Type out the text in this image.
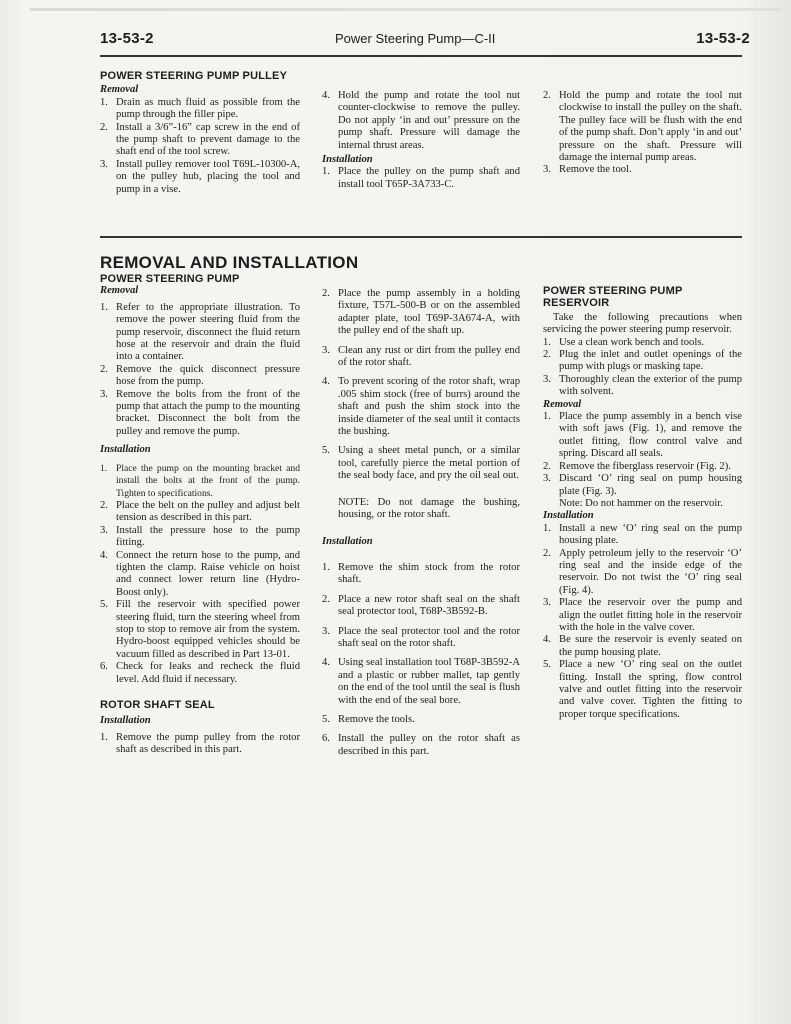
13-53-2	Power Steering Pump—C-II	13-53-2
POWER STEERING PUMP PULLEY
Removal
1. Drain as much fluid as possible from the pump through the filler pipe.
2. Install a 3/6”-16” cap screw in the end of the pump shaft to prevent damage to the shaft end of the tool screw.
3. Install pulley remover tool T69L-10300-A, on the pulley hub, placing the tool and pump in a vise.
4. Hold the pump and rotate the tool nut counter-clockwise to remove the pulley. Do not apply ‘in and out’ pressure on the pump shaft. Pressure will damage the internal thrust areas.
Installation
1. Place the pulley on the pump shaft and install tool T65P-3A733-C.
2. Hold the pump and rotate the tool nut clockwise to install the pulley on the shaft. The pulley face will be flush with the end of the pump shaft. Don’t apply ‘in and out’ pressure on the shaft. Pressure will damage the internal pump areas.
3. Remove the tool.
REMOVAL AND INSTALLATION
POWER STEERING PUMP
Removal
1. Refer to the appropriate illustration. To remove the power steering fluid from the pump reservoir, disconnect the fluid return hose at the reservoir and drain the fluid into a container.
2. Remove the quick disconnect pressure hose from the pump.
3. Remove the bolts from the front of the pump that attach the pump to the mounting bracket. Disconnect the bolt from the pulley and remove the pump.
Installation
1. Place the pump on the mounting bracket and install the bolts at the front of the pump. Tighten to specifications.
2. Place the belt on the pulley and adjust belt tension as described in this part.
3. Install the pressure hose to the pump fitting.
4. Connect the return hose to the pump, and tighten the clamp. Raise vehicle on hoist and connect lower return line (Hydro-Boost only).
5. Fill the reservoir with specified power steering fluid, turn the steering wheel from stop to stop to remove air from the system. Hydro-boost equipped vehicles should be vacuum filled as described in Part 13-01.
6. Check for leaks and recheck the fluid level. Add fluid if necessary.
ROTOR SHAFT SEAL
Installation
1. Remove the pump pulley from the rotor shaft as described in this part.
2. Place the pump assembly in a holding fixture, T57L-500-B or on the assembled adapter plate, tool T69P-3A674-A, with the pulley end of the shaft up.
3. Clean any rust or dirt from the pulley end of the rotor shaft.
4. To prevent scoring of the rotor shaft, wrap .005 shim stock (free of burrs) around the shaft and push the shim stock into the inside diameter of the seal until it contacts the bushing.
5. Using a sheet metal punch, or a similar tool, carefully pierce the metal portion of the seal body face, and pry the oil seal out.

NOTE: Do not damage the bushing, housing, or the rotor shaft.

Installation
1. Remove the shim stock from the rotor shaft.
2. Place a new rotor shaft seal on the shaft seal protector tool, T68P-3B592-B.
3. Place the seal protector tool and the rotor shaft seal on the rotor shaft.
4. Using seal installation tool T68P-3B592-A and a plastic or rubber mallet, tap gently on the end of the tool until the seal is flush with the end of the seal bore.
5. Remove the tools.
6. Install the pulley on the rotor shaft as described in this part.
POWER STEERING PUMP
RESERVOIR

Take the following precautions when servicing the power steering pump reservoir.

1. Use a clean work bench and tools.
2. Plug the inlet and outlet openings of the pump with plugs or masking tape.
3. Thoroughly clean the exterior of the pump with solvent.
Removal
1. Place the pump assembly in a bench vise with soft jaws (Fig. 1), and remove the outlet fitting, flow control valve and spring. Discard all seals.
2. Remove the fiberglass reservoir (Fig. 2).
3. Discard ‘O’ ring seal on pump housing plate (Fig. 3).

Note: Do not hammer on the reservoir.

Installation
1. Install a new ‘O’ ring seal on the pump housing plate.
2. Apply petroleum jelly to the reservoir ‘O’ ring seal and the inside edge of the reservoir. Do not twist the ‘O’ ring seal (Fig. 4).
3. Place the reservoir over the pump and align the outlet fitting hole in the reservoir with the hole in the valve cover.
4. Be sure the reservoir is evenly seated on the pump housing plate.
5. Place a new ‘O’ ring seal on the outlet fitting. Install the spring, flow control valve and outlet fitting into the reservoir and valve cover. Tighten the fitting to proper torque specifications.
